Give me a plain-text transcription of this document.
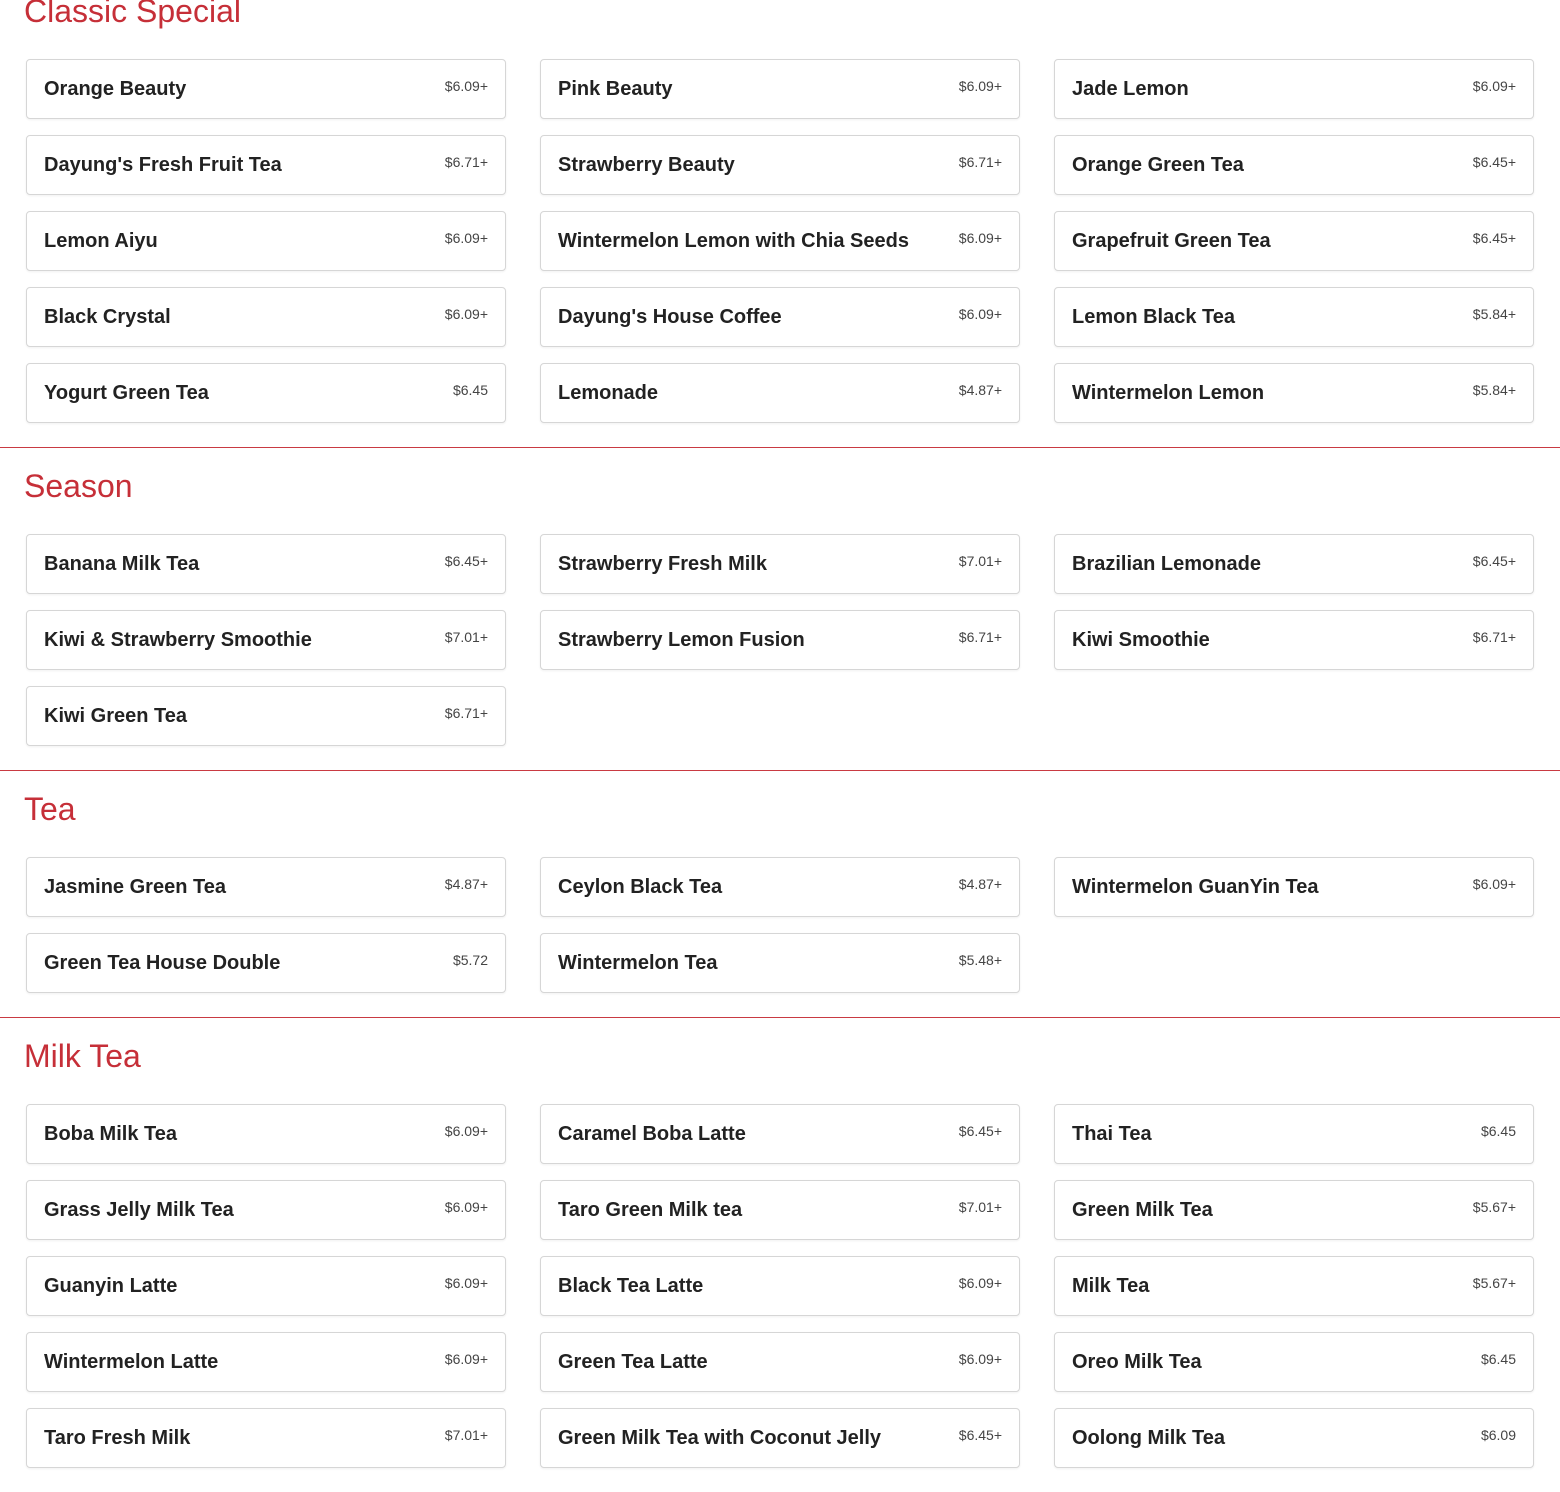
Classic Special
Orange Beauty	$6.09+	Pink Beauty	$6.09+	Jade Lemon	$6.09+
Dayung's Fresh Fruit Tea	$6.71+	Strawberry Beauty	$6.71+	Orange Green Tea	$6.45+
Lemon Aiyu	$6.09+	Wintermelon Lemon with Chia Seeds	$6.09+	Grapefruit Green Tea	$6.45+
Black Crystal	$6.09+	Dayung's House Coffee	$6.09+	Lemon Black Tea	$5.84+
Yogurt Green Tea	$6.45	Lemonade	$4.87+	Wintermelon Lemon	$5.84+
Season
Banana Milk Tea	$6.45+	Strawberry Fresh Milk	$7.01+	Brazilian Lemonade	$6.45+
Kiwi & Strawberry Smoothie	$7.01+	Strawberry Lemon Fusion	$6.71+	Kiwi Smoothie	$6.71+
Kiwi Green Tea	$6.71+
Tea
Jasmine Green Tea	$4.87+	Ceylon Black Tea	$4.87+	Wintermelon GuanYin Tea	$6.09+
Green Tea House Double	$5.72	Wintermelon Tea	$5.48+
Milk Tea
Boba Milk Tea	$6.09+	Caramel Boba Latte	$6.45+	Thai Tea	$6.45
Grass Jelly Milk Tea	$6.09+	Taro Green Milk tea	$7.01+	Green Milk Tea	$5.67+
Guanyin Latte	$6.09+	Black Tea Latte	$6.09+	Milk Tea	$5.67+
Wintermelon Latte	$6.09+	Green Tea Latte	$6.09+	Oreo Milk Tea	$6.45
Taro Fresh Milk	$7.01+	Green Milk Tea with Coconut Jelly	$6.45+	Oolong Milk Tea	$6.09
